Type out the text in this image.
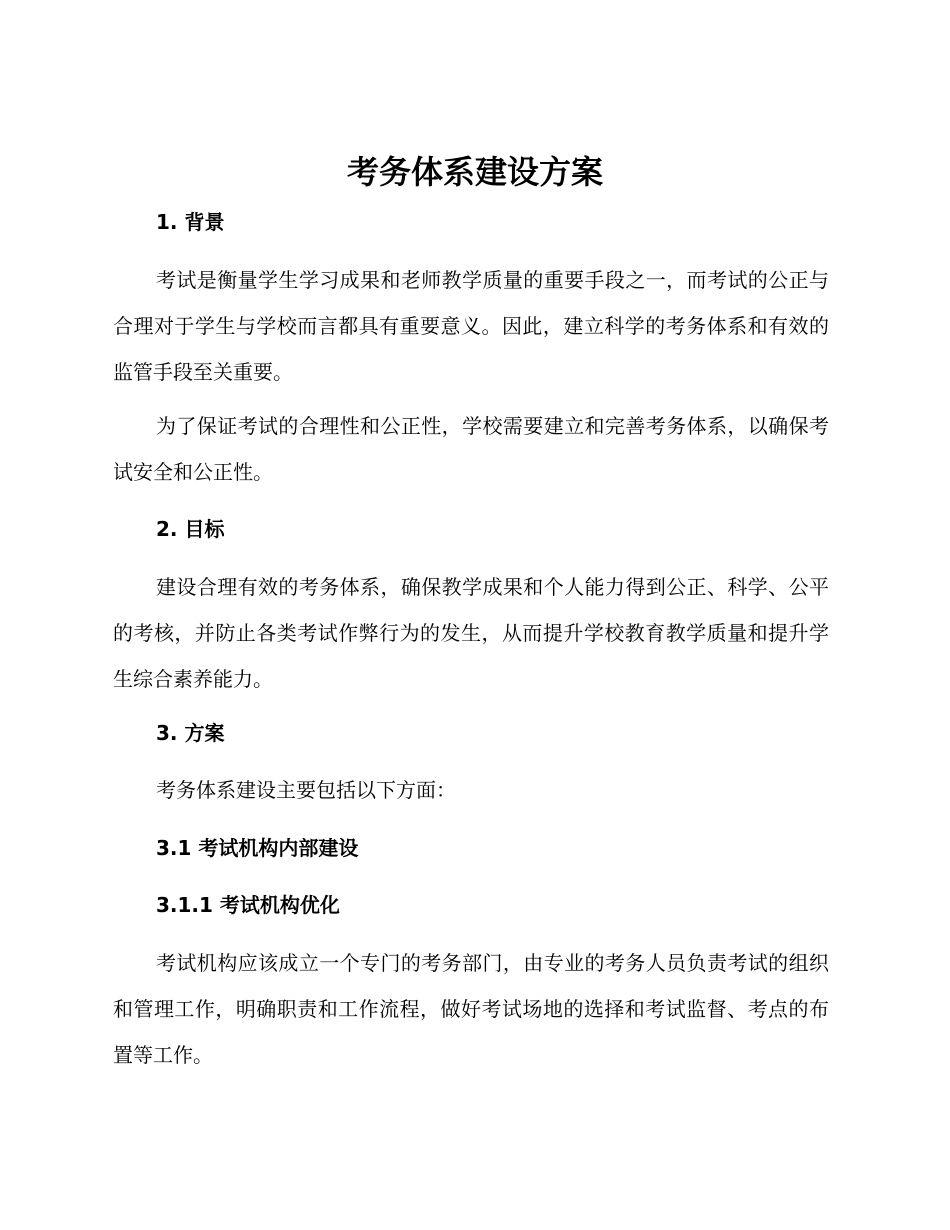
考务体系建设方案
1. 背景
考试是衡量学生学习成果和老师教学质量的重要手段之一，而考试的公正与合理对于学生与学校而言都具有重要意义。因此，建立科学的考务体系和有效的监管手段至关重要。
为了保证考试的合理性和公正性，学校需要建立和完善考务体系，以确保考试安全和公正性。
2. 目标
建设合理有效的考务体系，确保教学成果和个人能力得到公正、科学、公平的考核，并防止各类考试作弊行为的发生，从而提升学校教育教学质量和提升学生综合素养能力。
3. 方案
考务体系建设主要包括以下方面：
3.1 考试机构内部建设
3.1.1 考试机构优化
考试机构应该成立一个专门的考务部门，由专业的考务人员负责考试的组织和管理工作，明确职责和工作流程，做好考试场地的选择和考试监督、考点的布置等工作。
